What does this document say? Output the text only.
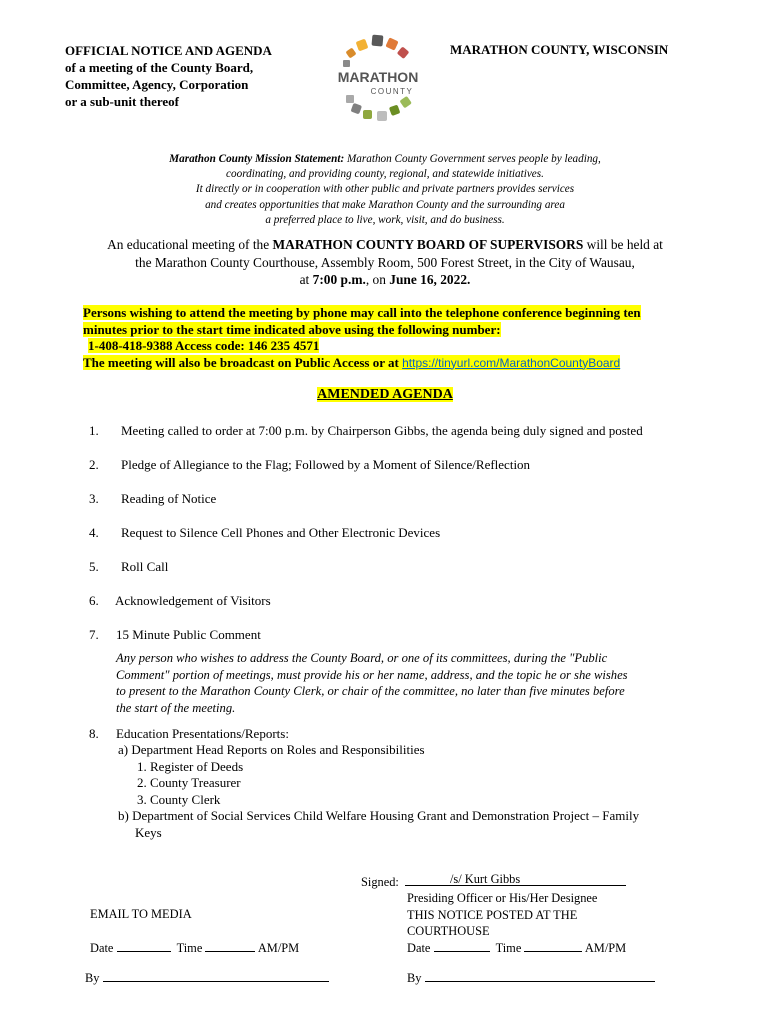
OFFICIAL NOTICE AND AGENDA
of a meeting of the County Board,
Committee, Agency, Corporation
or a sub-unit thereof
MARATHON COUNTY, WISCONSIN
MARATHON
COUNTY
Marathon County Mission Statement: Marathon County Government serves people by leading,
coordinating, and providing county, regional, and statewide initiatives.
It directly or in cooperation with other public and private partners provides services
and creates opportunities that make Marathon County and the surrounding area
a preferred place to live, work, visit, and do business.
An educational meeting of the MARATHON COUNTY BOARD OF SUPERVISORS will be held at
the Marathon County Courthouse, Assembly Room, 500 Forest Street, in the City of Wausau,
at 7:00 p.m., on June 16, 2022.
Persons wishing to attend the meeting by phone may call into the telephone conference beginning ten
minutes prior to the start time indicated above using the following number:
1-408-418-9388 Access code: 146 235 4571
The meeting will also be broadcast on Public Access or at https://tinyurl.com/MarathonCountyBoard
AMENDED AGENDA
1. Meeting called to order at 7:00 p.m. by Chairperson Gibbs, the agenda being duly signed and posted
2. Pledge of Allegiance to the Flag; Followed by a Moment of Silence/Reflection
3. Reading of Notice
4. Request to Silence Cell Phones and Other Electronic Devices
5. Roll Call
6. Acknowledgement of Visitors
7. 15 Minute Public Comment
Any person who wishes to address the County Board, or one of its committees, during the "Public
Comment" portion of meetings, must provide his or her name, address, and the topic he or she wishes
to present to the Marathon County Clerk, or chair of the committee, no later than five minutes before
the start of the meeting.
8. Education Presentations/Reports:
a) Department Head Reports on Roles and Responsibilities
1. Register of Deeds
2. County Treasurer
3. County Clerk
b) Department of Social Services Child Welfare Housing Grant and Demonstration Project – Family
Keys
Signed:	/s/ Kurt Gibbs
Presiding Officer or His/Her Designee
THIS NOTICE POSTED AT THE
COURTHOUSE
EMAIL TO MEDIA
Date	Time	AM/PM	Date	Time	AM/PM
By	By
